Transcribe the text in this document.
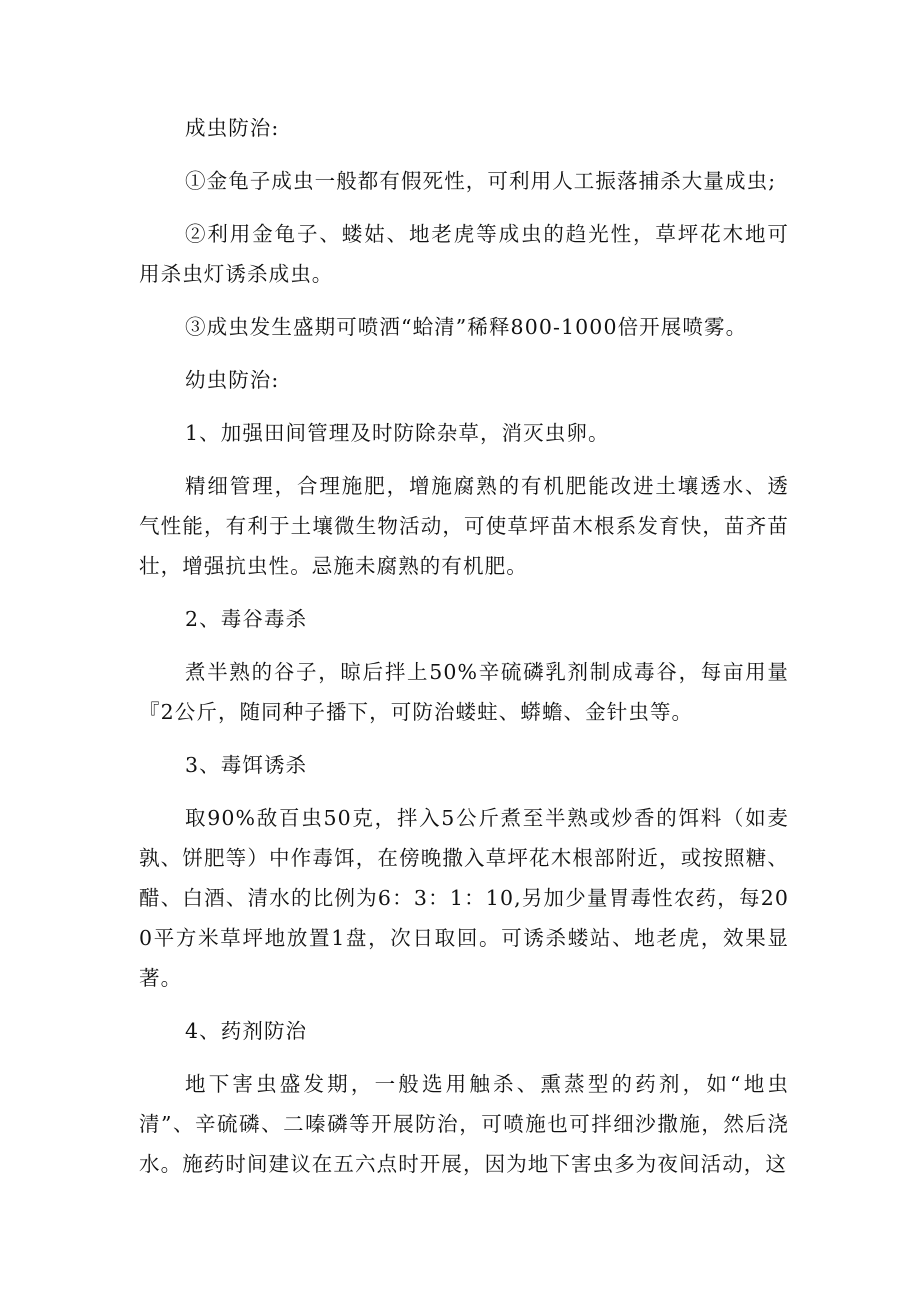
成虫防治:

①金龟子成虫一般都有假死性，可利用人工振落捕杀大量成虫;

②利用金龟子、蝼姑、地老虎等成虫的趋光性，草坪花木地可用杀虫灯诱杀成虫。

③成虫发生盛期可喷洒“蛤清”稀释800-1000倍开展喷雾。

幼虫防治:

1、加强田间管理及时防除杂草，消灭虫卵。

精细管理，合理施肥，增施腐熟的有机肥能改进土壤透水、透气性能，有利于土壤微生物活动，可使草坪苗木根系发育快，苗齐苗壮，增强抗虫性。忌施未腐熟的有机肥。

2、毒谷毒杀

煮半熟的谷子，晾后拌上50%辛硫磷乳剂制成毒谷，每亩用量『2公斤，随同种子播下，可防治蝼蛀、蟒蟾、金针虫等。

3、毒饵诱杀

取90%敌百虫50克，拌入5公斤煮至半熟或炒香的饵料（如麦孰、饼肥等）中作毒饵，在傍晚撒入草坪花木根部附近，或按照糖、醋、白酒、清水的比例为6：3：1：10,另加少量胃毒性农药，每200平方米草坪地放置1盘，次日取回。可诱杀蝼站、地老虎，效果显著。

4、药剂防治

地下害虫盛发期，一般选用触杀、熏蒸型的药剂，如“地虫清”、辛硫磷、二嗪磷等开展防治，可喷施也可拌细沙撒施，然后浇水。施药时间建议在五六点时开展，因为地下害虫多为夜间活动，这
